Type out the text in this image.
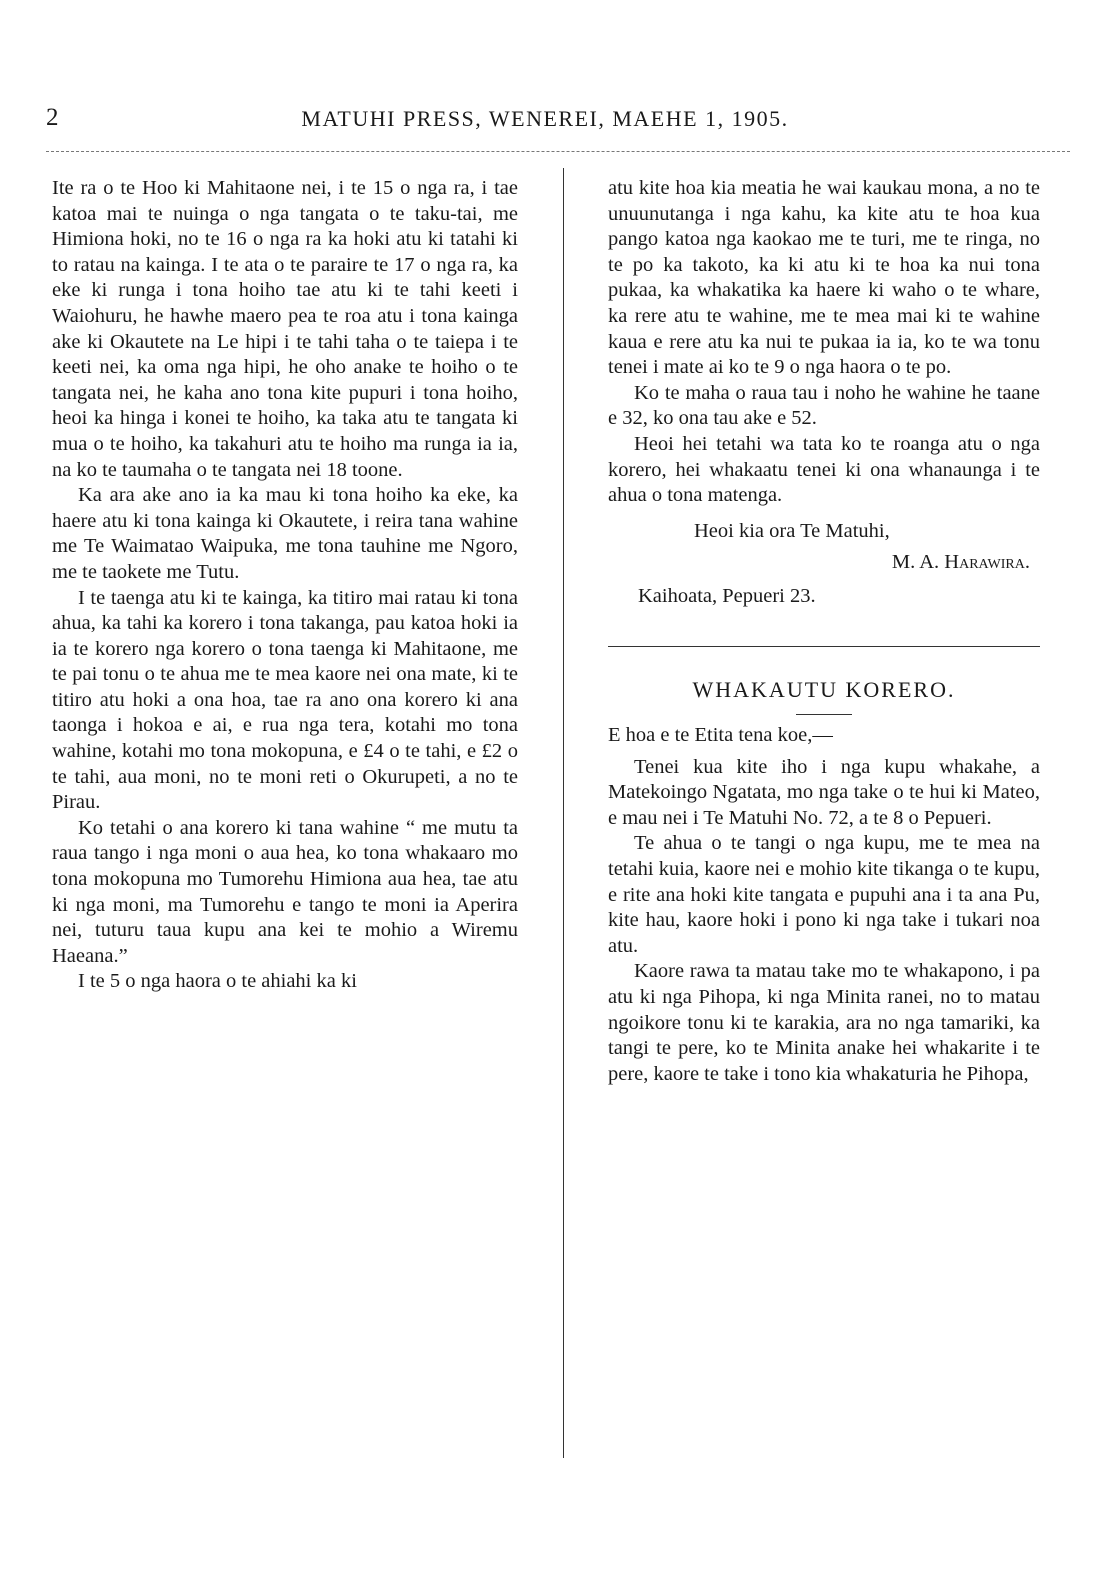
2	MATUHI PRESS, WENEREI, MAEHE 1, 1905.

Ite ra o te Hoo ki Mahitaone nei, i te 15 o nga ra, i tae katoa mai te nuinga o nga tangata o te taku-tai, me Himiona hoki, no te 16 o nga ra ka hoki atu ki tatahi ki to ratau na kainga. I te ata o te paraire te 17 o nga ra, ka eke ki runga i tona hoiho tae atu ki te tahi keeti i Waiohuru, he hawhe maero pea te roa atu i tona kainga ake ki Okautete na Le hipi i te tahi taha o te taiepa i te keeti nei, ka oma nga hipi, he oho anake te hoiho o te tangata nei, he kaha ano tona kite pupuri i tona hoiho, heoi ka hinga i konei te hoiho, ka taka atu te tangata ki mua o te hoiho, ka takahuri atu te hoiho ma runga ia ia, na ko te taumaha o te tangata nei 18 toone.

Ka ara ake ano ia ka mau ki tona hoiho ka eke, ka haere atu ki tona kainga ki Okautete, i reira tana wahine me Te Waimatao Waipuka, me tona tauhine me Ngoro, me te taokete me Tutu.

I te taenga atu ki te kainga, ka titiro mai ratau ki tona ahua, ka tahi ka korero i tona takanga, pau katoa hoki ia ia te korero nga korero o tona taenga ki Mahitaone, me te pai tonu o te ahua me te mea kaore nei ona mate, ki te titiro atu hoki a ona hoa, tae ra ano ona korero ki ana taonga i hokoa e ai, e rua nga tera, kotahi mo tona wahine, kotahi mo tona mokopuna, e £4 o te tahi, e £2 o te tahi, aua moni, no te moni reti o Okurupeti, a no te Pirau.

Ko tetahi o ana korero ki tana wahine “ me mutu ta raua tango i nga moni o aua hea, ko tona whakaaro mo tona mokopuna mo Tumorehu Himiona aua hea, tae atu ki nga moni, ma Tumorehu e tango te moni ia Aperira nei, tuturu taua kupu ana kei te mohio a Wiremu Haeana.”

I te 5 o nga haora o te ahiahi ka ki

atu kite hoa kia meatia he wai kaukau mona, a no te unuunutanga i nga kahu, ka kite atu te hoa kua pango katoa nga kaokao me te turi, me te ringa, no te po ka takoto, ka ki atu ki te hoa ka nui tona pukaa, ka whakatika ka haere ki waho o te whare, ka rere atu te wahine, me te mea mai ki te wahine kaua e rere atu ka nui te pukaa ia ia, ko te wa tonu tenei i mate ai ko te 9 o nga haora o te po.

Ko te maha o raua tau i noho he wahine he taane e 32, ko ona tau ake e 52.

Heoi hei tetahi wa tata ko te roanga atu o nga korero, hei whakaatu tenei ki ona whanaunga i te ahua o tona matenga.

Heoi kia ora Te Matuhi,

M. A. Harawira.

Kaihoata, Pepueri 23.

WHAKAUTU KORERO.

E hoa e te Etita tena koe,—

Tenei kua kite iho i nga kupu whakahe, a Matekoingo Ngatata, mo nga take o te hui ki Mateo, e mau nei i Te Matuhi No. 72, a te 8 o Pepueri.

Te ahua o te tangi o nga kupu, me te mea na tetahi kuia, kaore nei e mohio kite tikanga o te kupu, e rite ana hoki kite tangata e pupuhi ana i ta ana Pu, kite hau, kaore hoki i pono ki nga take i tukari noa atu.

Kaore rawa ta matau take mo te whakapono, i pa atu ki nga Pihopa, ki nga Minita ranei, no to matau ngoikore tonu ki te karakia, ara no nga tamariki, ka tangi te pere, ko te Minita anake hei whakarite i te pere, kaore te take i tono kia whakaturia he Pihopa,
